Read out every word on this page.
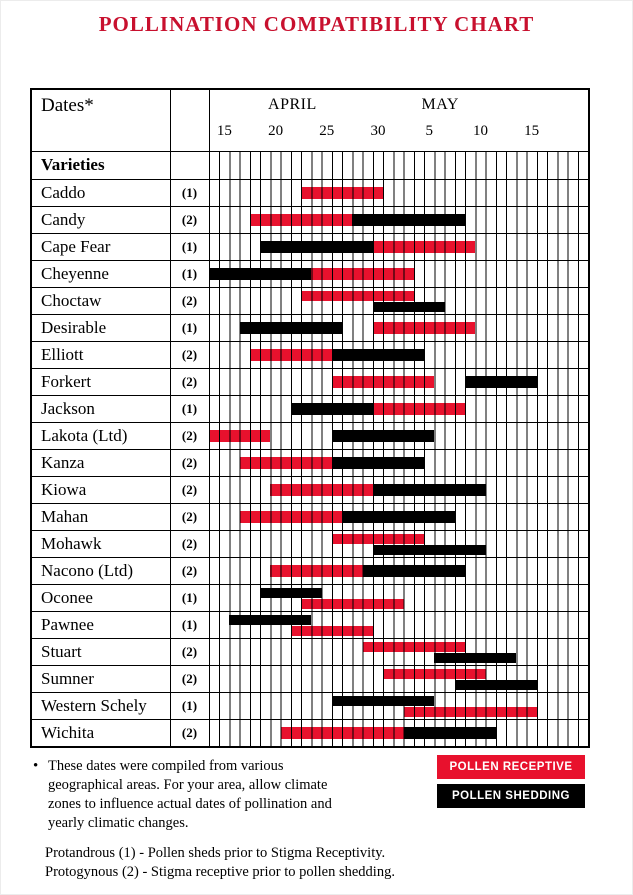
POLLINATION COMPATIBILITY CHART
Dates*	APRIL	MAY
15 20 25 30	5	10 15
Varieties
Caddo	(1)
Candy	(2)
Cape Fear	(1)
Cheyenne	(1)
Choctaw	(2)
Desirable	(1)
Elliott	(2)
Forkert	(2)
Jackson	(1)
Lakota (Ltd)	(2)
Kanza	(2)
Kiowa	(2)
Mahan	(2)
Mohawk	(2)
Nacono (Ltd)	(2)
Oconee	(1)
Pawnee	(1)
Stuart	(2)
Sumner	(2)
Western Schely	(1)
Wichita	(2)
• These dates were compiled from various geographical areas. For your area, allow climate zones to influence actual dates of pollination and yearly climatic changes.
POLLEN RECEPTIVE
POLLEN SHEDDING
Protandrous (1) - Pollen sheds prior to Stigma Receptivity.
Protogynous (2) - Stigma receptive prior to pollen shedding.
